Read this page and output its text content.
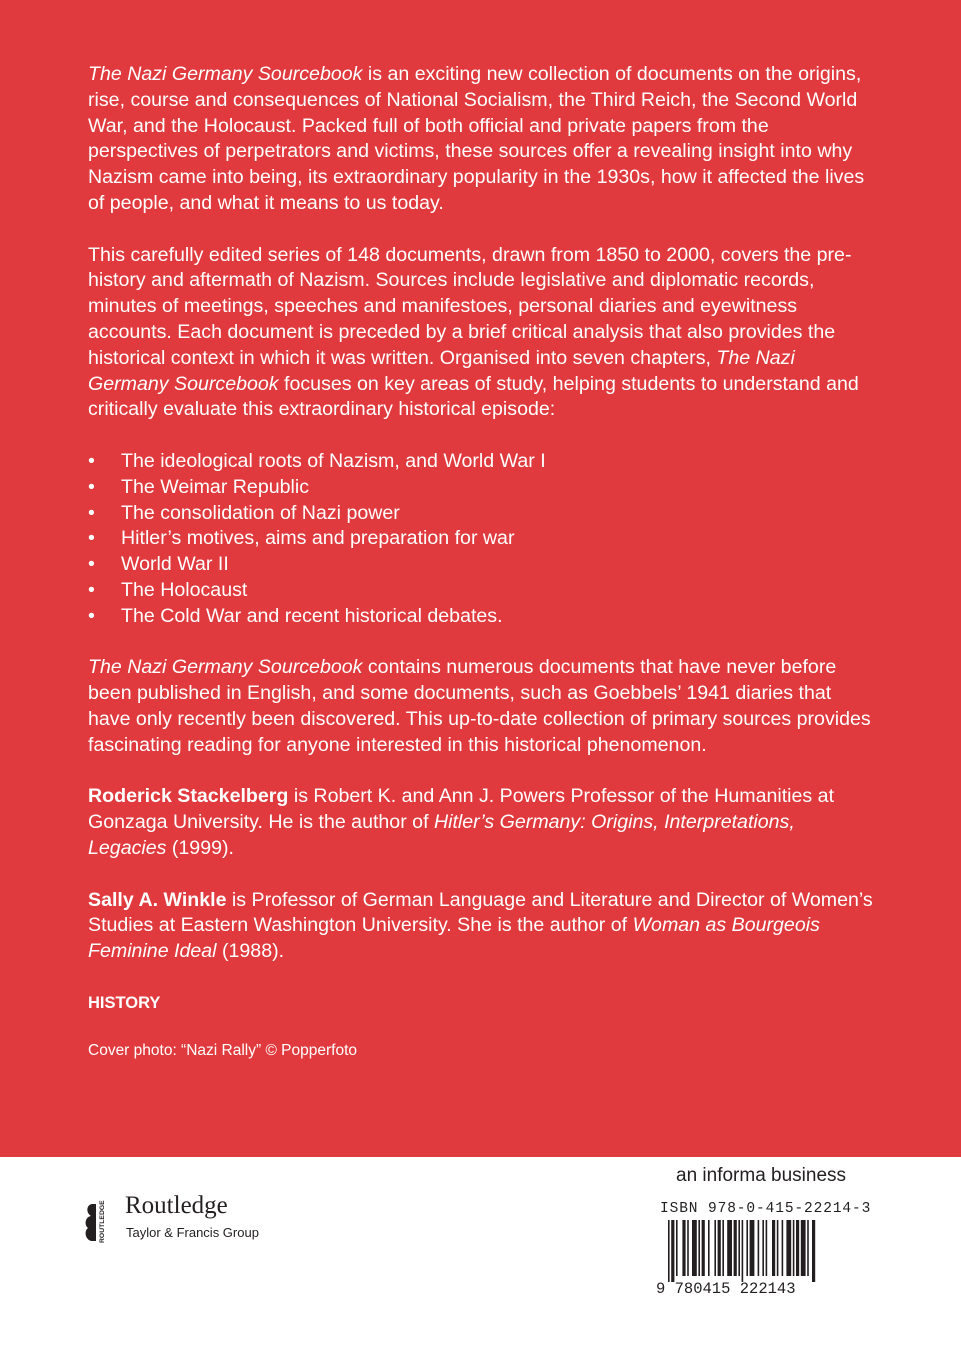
The Nazi Germany Sourcebook is an exciting new collection of documents on the origins, rise, course and consequences of National Socialism, the Third Reich, the Second World War, and the Holocaust. Packed full of both official and private papers from the perspectives of perpetrators and victims, these sources offer a revealing insight into why Nazism came into being, its extraordinary popularity in the 1930s, how it affected the lives of people, and what it means to us today.

This carefully edited series of 148 documents, drawn from 1850 to 2000, covers the pre-history and aftermath of Nazism. Sources include legislative and diplomatic records, minutes of meetings, speeches and manifestoes, personal diaries and eyewitness accounts. Each document is preceded by a brief critical analysis that also provides the historical context in which it was written. Organised into seven chapters, The Nazi Germany Sourcebook focuses on key areas of study, helping students to understand and critically evaluate this extraordinary historical episode:

• The ideological roots of Nazism, and World War I
• The Weimar Republic
• The consolidation of Nazi power
• Hitler’s motives, aims and preparation for war
• World War II
• The Holocaust
• The Cold War and recent historical debates.

The Nazi Germany Sourcebook contains numerous documents that have never before been published in English, and some documents, such as Goebbels’ 1941 diaries that have only recently been discovered. This up-to-date collection of primary sources provides fascinating reading for anyone interested in this historical phenomenon.

Roderick Stackelberg is Robert K. and Ann J. Powers Professor of the Humanities at Gonzaga University. He is the author of Hitler’s Germany: Origins, Interpretations, Legacies (1999).

Sally A. Winkle is Professor of German Language and Literature and Director of Women’s Studies at Eastern Washington University. She is the author of Woman as Bourgeois Feminine Ideal (1988).

HISTORY

Cover photo: “Nazi Rally” © Popperfoto

ROUTLEDGE Routledge
Taylor & Francis Group
an informa business
ISBN 978-0-415-22214-3
9 780415 222143
